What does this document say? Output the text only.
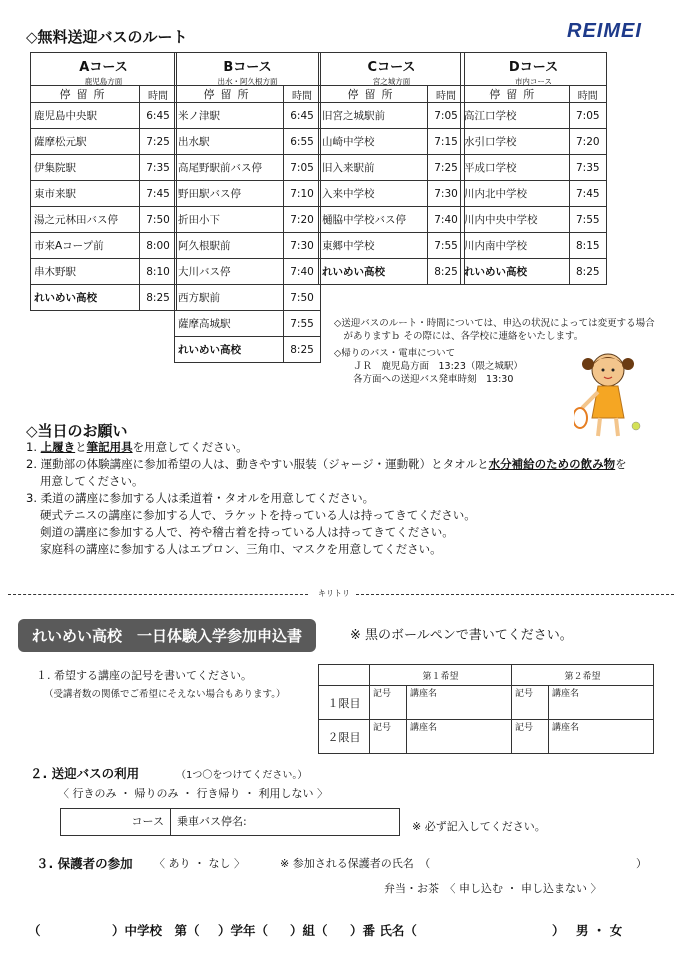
◇無料送迎バスのルート	REIMEI
Aコース
鹿児島方面
停留所	時間
鹿児島中央駅	6:45
薩摩松元駅	7:25
伊集院駅	7:35
東市来駅	7:45
湯之元林田バス停	7:50
市来Aコープ前	8:00
串木野駅	8:10
れいめい高校	8:25
Bコース
出水・阿久根方面
停留所	時間
米ノ津駅	6:45
出水駅	6:55
高尾野駅前バス停	7:05
野田駅バス停	7:10
折田小下	7:20
阿久根駅前	7:30
大川バス停	7:40
西方駅前	7:50
薩摩高城駅	7:55
れいめい高校	8:25
Cコース
宮之城方面
停留所	時間
旧宮之城駅前	7:05
山崎中学校	7:15
旧入来駅前	7:25
入来中学校	7:30
樋脇中学校バス停	7:40
東郷中学校	7:55
れいめい高校	8:25
Dコース
市内コース
停留所	時間
高江口学校	7:05
水引口学校	7:20
平成口学校	7:35
川内北中学校	7:45
川内中央中学校	7:55
川内南中学校	8:15
れいめい高校	8:25
◇送迎バスのルート・時間については、申込の状況によっては変更する場合
　がありますｂ その際には、各学校に連絡をいたします。
◇帰りのバス・電車について
　　ＪＲ　鹿児島方面　13:23（隈之城駅）
　　各方面への送迎バス発車時刻　13:30
◇当日のお願い
1. 上履きと筆記用具を用意してください。
2. 運動部の体験講座に参加希望の人は、動きやすい服装（ジャージ・運動靴）とタオルと水分補給のための飲み物を
用意してください。
3. 柔道の講座に参加する人は柔道着・タオルを用意してください。
硬式テニスの講座に参加する人で、ラケットを持っている人は持ってきてください。
剣道の講座に参加する人で、袴や稽古着を持っている人は持ってきてください。
家庭科の講座に参加する人はエプロン、三角巾、マスクを用意してください。
キリトリ
れいめい高校　一日体験入学参加申込書	※ 黒のボールペンで書いてください。
１. 希望する講座の記号を書いてください。
（受講者数の関係でご希望にそえない場合もあります。）
	第１希望		第２希望	
１限目	記号	講座名	記号	講座名
２限目	記号	講座名	記号	講座名
２. 送迎バスの利用	（1つ〇をつけてください。）
〈 行きのみ ・ 帰りのみ ・ 行き帰り ・ 利用しない 〉
コース	乗車バス停名:	※ 必ず記入してください。
３. 保護者の参加 〈 あり ・ なし 〉	※ 参加される保護者の氏名　（	）
弁当・お茶　〈 申し込む ・ 申し込まない 〉
（	）中学校　第（ ）学年（ ）組（ ）番 氏名（	） 男 ・ 女
